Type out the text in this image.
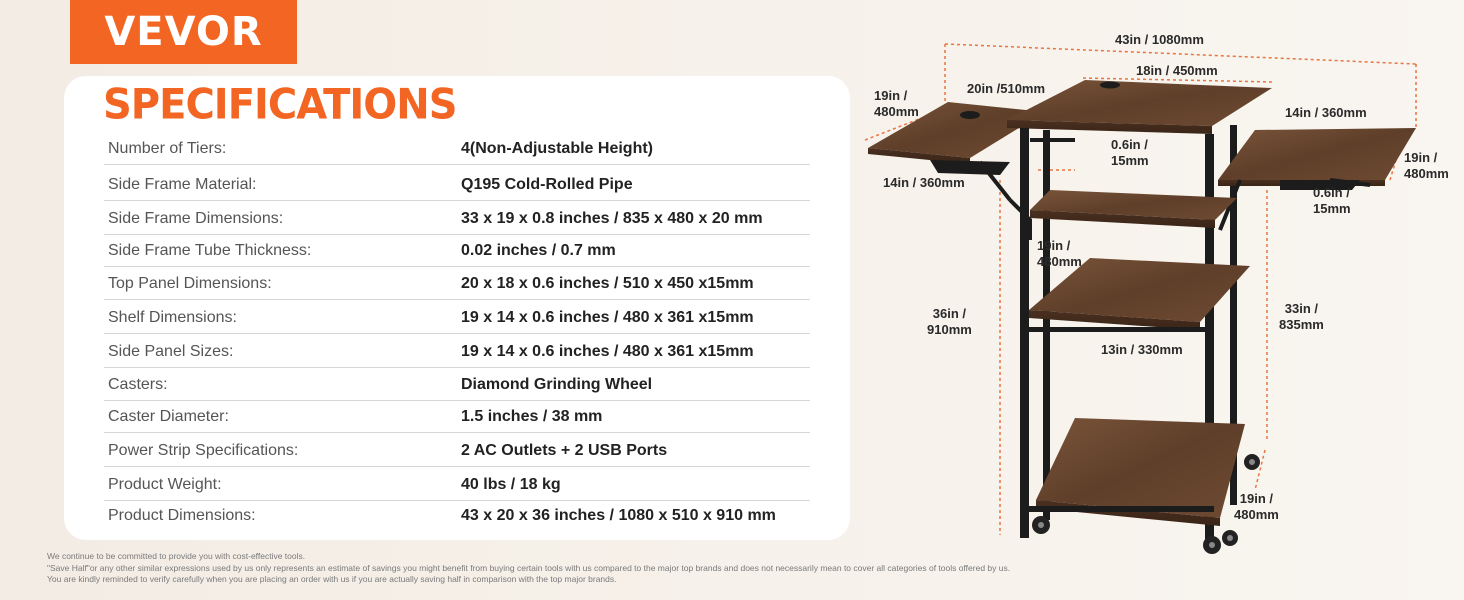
VEVOR
SPECIFICATIONS
Number of Tiers:	4(Non-Adjustable Height)
Side Frame Material:	Q195 Cold-Rolled Pipe
Side Frame Dimensions:	33 x 19 x 0.8 inches / 835 x 480 x 20 mm
Side Frame Tube Thickness:	0.02 inches / 0.7 mm
Top Panel Dimensions:	20 x 18 x 0.6 inches / 510 x 450 x15mm
Shelf Dimensions:	19 x 14 x 0.6 inches / 480 x 361 x15mm
Side Panel Sizes:	19 x 14 x 0.6 inches / 480 x 361 x15mm
Casters:	Diamond Grinding Wheel
Caster Diameter:	1.5 inches / 38 mm
Power Strip Specifications:	2 AC Outlets + 2 USB Ports
Product Weight:	40 lbs / 18 kg
Product Dimensions:	43 x 20 x 36 inches / 1080 x 510 x 910 mm
43in / 1080mm
20in /510mm
18in / 450mm
19in /
480mm	14in / 360mm
14in / 360mm
0.6in /
15mm
0.6in /
15mm
19in /
480mm
19in /
480mm
36in /
910mm
33in /
835mm
13in / 330mm
19in /
480mm
We continue to be committed to provide you with cost-effective tools.
"Save Half"or any other similar expressions used by us only represents an estimate of savings you might benefit from buying certain tools with us compared to the major top brands and does not necessarily mean to cover all categories of tools offered by us.
You are kindly reminded to verify carefully when you are placing an order with us if you are actually saving half in comparison with the top major brands.
